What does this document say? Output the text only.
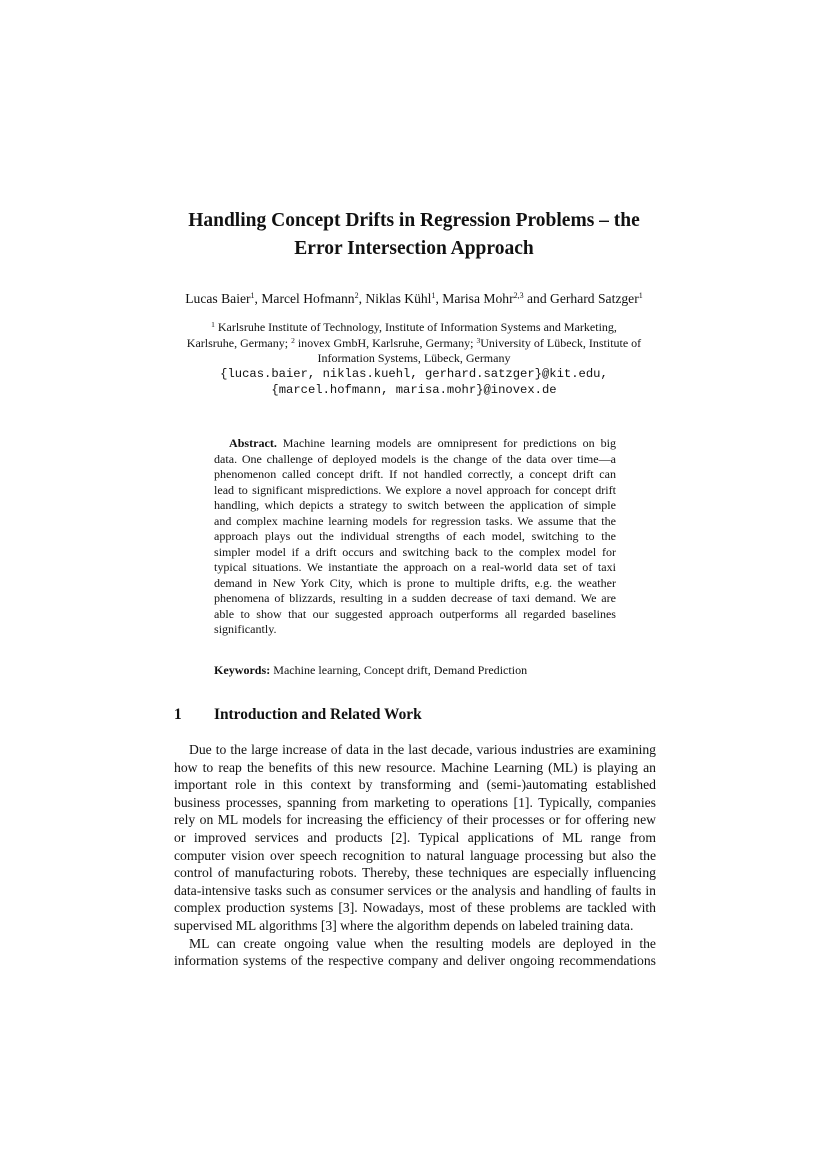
Handling Concept Drifts in Regression Problems – the
Error Intersection Approach
Lucas Baier$^1$, Marcel Hofmann$^2$, Niklas Kühl$^1$, Marisa Mohr$^{2,3}$ and Gerhard Satzger$^1$
$^1$ Karlsruhe Institute of Technology, Institute of Information Systems and Marketing,
Karlsruhe, Germany; $^2$ inovex GmbH, Karlsruhe, Germany; $^3$University of Lübeck, Institute of
Information Systems, Lübeck, Germany
{lucas.baier, niklas.kuehl, gerhard.satzger}@kit.edu,
{marcel.hofmann, marisa.mohr}@inovex.de
Abstract. Machine learning models are omnipresent for predictions on big
data. One challenge of deployed models is the change of the data over time—a
phenomenon called concept drift. If not handled correctly, a concept drift can
lead to significant mispredictions. We explore a novel approach for concept drift
handling, which depicts a strategy to switch between the application of simple
and complex machine learning models for regression tasks. We assume that the
approach plays out the individual strengths of each model, switching to the
simpler model if a drift occurs and switching back to the complex model for
typical situations. We instantiate the approach on a real-world data set of taxi
demand in New York City, which is prone to multiple drifts, e.g. the weather
phenomena of blizzards, resulting in a sudden decrease of taxi demand. We are
able to show that our suggested approach outperforms all regarded baselines
significantly.
Keywords: Machine learning, Concept drift, Demand Prediction
1 Introduction and Related Work
Due to the large increase of data in the last decade, various industries are examining
how to reap the benefits of this new resource. Machine Learning (ML) is playing an
important role in this context by transforming and (semi-)automating established
business processes, spanning from marketing to operations [1]. Typically, companies
rely on ML models for increasing the efficiency of their processes or for offering new
or improved services and products [2]. Typical applications of ML range from
computer vision over speech recognition to natural language processing but also the
control of manufacturing robots. Thereby, these techniques are especially influencing
data-intensive tasks such as consumer services or the analysis and handling of faults in
complex production systems [3]. Nowadays, most of these problems are tackled with
supervised ML algorithms [3] where the algorithm depends on labeled training data.
ML can create ongoing value when the resulting models are deployed in the
information systems of the respective company and deliver ongoing recommendations
